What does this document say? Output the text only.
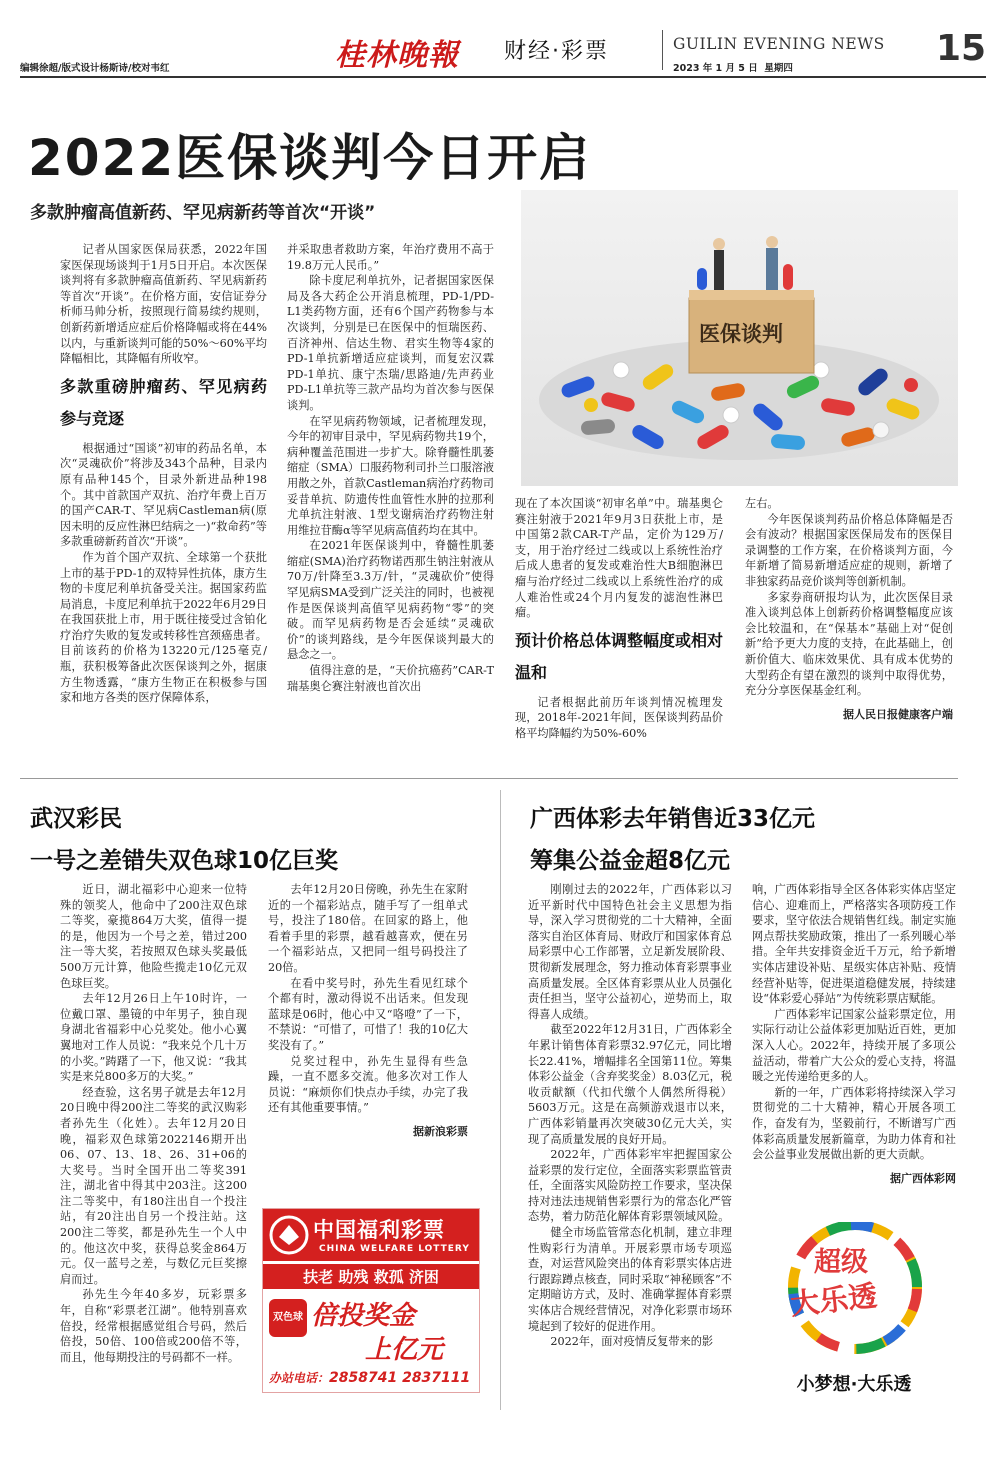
编辑徐超/版式设计杨斯诗/校对韦红	桂林晚報 财经·彩票	GUILIN EVENING NEWS
2023 年 1 月 5 日 星期四	15
2022医保谈判今日开启
多款肿瘤高值新药、罕见病新药等首次“开谈”
医保谈判

记者从国家医保局获悉，2022年国家医保现场谈判于1月5日开启。本次医保谈判将有多款肿瘤高值新药、罕见病新药等首次“开谈”。在价格方面，安信证券分析师马帅分析，按照现行简易续约规则，创新药新增适应症后价格降幅或将在44%以内，与重新谈判可能的50%～60%平均降幅相比，其降幅有所收窄。

多款重磅肿瘤药、罕见病药参与竞逐

根据通过“国谈”初审的药品名单，本次“灵魂砍价”将涉及343个品种，目录内原有品种145个，目录外新进品种198个。其中首款国产双抗、治疗年费上百万的国产CAR-T、罕见病Castleman病(原因未明的反应性淋巴结病之一)“救命药”等多款重磅新药首次“开谈”。

作为首个国产双抗、全球第一个获批上市的基于PD-1的双特异性抗体，康方生物的卡度尼利单抗备受关注。据国家药监局消息，卡度尼利单抗于2022年6月29日在我国获批上市，用于既往接受过含铂化疗治疗失败的复发或转移性宫颈癌患者。目前该药的价格为13220元/125毫克/瓶，获积极筹备此次医保谈判之外，据康方生物透露，“康方生物正在积极参与国家和地方各类的医疗保障体系，

并采取患者救助方案，年治疗费用不高于19.8万元人民币。”

除卡度尼利单抗外，记者据国家医保局及各大药企公开消息梳理，PD-1/PD-L1类药物方面，还有6个国产药物参与本次谈判，分别是已在医保中的恒瑞医药、百济神州、信达生物、君实生物等4家的PD-1单抗新增适应症谈判，而复宏汉霖PD-1单抗、康宁杰瑞/思路迪/先声药业PD-L1单抗等三款产品均为首次参与医保谈判。

在罕见病药物领域，记者梳理发现，今年的初审目录中，罕见病药物共19个，病种覆盖范围进一步扩大。除脊髓性肌萎缩症（SMA）口服药物利司扑兰口服溶液用散之外，首款Castleman病治疗药物司妥昔单抗、防遗传性血管性水肿的拉那利尤单抗注射液、1型戈谢病治疗药物注射用维拉苷酶α等罕见病高值药均在其中。

在2021年医保谈判中，脊髓性肌萎缩症(SMA)治疗药物诺西那生钠注射液从70万/针降至3.3万/针，“灵魂砍价”使得罕见病SMA受到广泛关注的同时，也被视作是医保谈判高值罕见病药物“零”的突破。而罕见病药物是否会延续“灵魂砍价”的谈判路线，是今年医保谈判最大的悬念之一。

值得注意的是，“天价抗癌药”CAR-T瑞基奥仑赛注射液也首次出

现在了本次国谈“初审名单”中。瑞基奥仑赛注射液于2021年9月3日获批上市，是中国第2款CAR-T产品，定价为129万/支，用于治疗经过二线或以上系统性治疗后成人患者的复发或难治性大B细胞淋巴瘤与治疗经过二线或以上系统性治疗的成人难治性或24个月内复发的滤泡性淋巴瘤。

预计价格总体调整幅度或相对温和

记者根据此前历年谈判情况梳理发现，2018年-2021年间，医保谈判药品价格平均降幅约为50%-60%

左右。

今年医保谈判药品价格总体降幅是否会有波动？根据国家医保局发布的医保目录调整的工作方案，在价格谈判方面，今年新增了简易新增适应症的规则，新增了非独家药品竞价谈判等创新机制。

多家券商研报均认为，此次医保目录准入谈判总体上创新药价格调整幅度应该会比较温和，在“保基本”基础上对“促创新”给予更大力度的支持，在此基础上，创新价值大、临床效果优、具有成本优势的大型药企有望在激烈的谈判中取得优势，充分分享医保基金红利。

据人民日报健康客户端
武汉彩民
一号之差错失双色球10亿巨奖

近日，湖北福彩中心迎来一位特殊的领奖人，他命中了200注双色球二等奖，豪揽864万大奖，值得一提的是，他因为一个号之差，错过200注一等大奖，若按照双色球头奖最低500万元计算，他险些揽走10亿元双色球巨奖。

去年12月26日上午10时许，一位戴口罩、墨镜的中年男子，独自现身湖北省福彩中心兑奖处。他小心翼翼地对工作人员说：“我来兑个几十万的小奖。”踌躇了一下，他又说：“我其实是来兑800多万的大奖。”

经查验，这名男子就是去年12月20日晚中得200注二等奖的武汉购彩者孙先生（化姓）。去年12月20日晚，福彩双色球第2022146期开出06、07、13、18、26、31+06的大奖号。当时全国开出二等奖391注，湖北省中得其中203注。这200注二等奖中，有180注出自一个投注站，有20注出自另一个投注站。这200注二等奖，都是孙先生一个人中的。他这次中奖，获得总奖金864万元。仅一蓝号之差，与数亿元巨奖擦肩而过。

孙先生今年40多岁，玩彩票多年，自称“彩票老江湖”。他特别喜欢倍投，经常根据感觉组合号码，然后倍投，50倍、100倍或200倍不等，而且，他每期投注的号码都不一样。

去年12月20日傍晚，孙先生在家附近的一个福彩站点，随手写了一组单式号，投注了180倍。在回家的路上，他看着手里的彩票，越看越喜欢，便在另一个福彩站点，又把同一组号码投注了20倍。

在看中奖号时，孙先生看见红球个个都有时，激动得说不出话来。但发现蓝球是06时，他心中又“咯噔”了一下，不禁说：“可惜了，可惜了！我的10亿大奖没有了。”

兑奖过程中，孙先生显得有些急躁，一直不愿多交流。他多次对工作人员说：“麻烦你们快点办手续，办完了我还有其他重要事情。”

据新浪彩票
中国福利彩票
CHINA WELFARE LOTTERY
扶老 助残 救孤 济困
双色球 倍投奖金
上亿元
办站电话：2858741 2837111
广西体彩去年销售近33亿元
筹集公益金超8亿元

刚刚过去的2022年，广西体彩以习近平新时代中国特色社会主义思想为指导，深入学习贯彻党的二十大精神，全面落实自治区体育局、财政厅和国家体育总局彩票中心工作部署，立足新发展阶段、贯彻新发展理念，努力推动体育彩票事业高质量发展。全区体育彩票从业人员强化责任担当，坚守公益初心，逆势而上，取得喜人成绩。

截至2022年12月31日，广西体彩全年累计销售体育彩票32.97亿元，同比增长22.41%，增幅排名全国第11位。筹集体彩公益金（含弃奖奖金）8.03亿元，税收贡献额（代扣代缴个人偶然所得税）5603万元。这是在高频游戏退市以来，广西体彩销量再次突破30亿元大关，实现了高质量发展的良好开局。

2022年，广西体彩牢牢把握国家公益彩票的发行定位，全面落实彩票监管责任，全面落实风险防控工作要求，坚决保持对违法违规销售彩票行为的常态化严管态势，着力防范化解体育彩票领域风险。

健全市场监管常态化机制，建立非理性购彩行为清单。开展彩票市场专项巡查，对运营风险突出的体育彩票实体店进行跟踪蹲点核查，同时采取“神秘顾客”不定期暗访方式，及时、准确掌握体育彩票实体店合规经营情况，对净化彩票市场环境起到了较好的促进作用。

2022年，面对疫情反复带来的影

响，广西体彩指导全区各体彩实体店坚定信心、迎难而上，严格落实各项防疫工作要求，坚守依法合规销售红线。制定实施网点帮扶奖励政策，推出了一系列暖心举措。全年共安排资金近千万元，给予新增实体店建设补贴、星级实体店补贴、疫情经营补贴等，促进渠道稳健发展，持续建设“体彩爱心驿站”为传统彩票店赋能。

广西体彩牢记国家公益彩票定位，用实际行动让公益体彩更加贴近百姓，更加深入人心。2022年，持续开展了多项公益活动，带着广大公众的爱心支持，将温暖之光传递给更多的人。

新的一年，广西体彩将持续深入学习贯彻党的二十大精神，精心开展各项工作，奋发有为，坚毅前行，不断谱写广西体彩高质量发展新篇章，为助力体育和社会公益事业发展做出新的更大贡献。

据广西体彩网
超级
大乐透
小梦想·大乐透
